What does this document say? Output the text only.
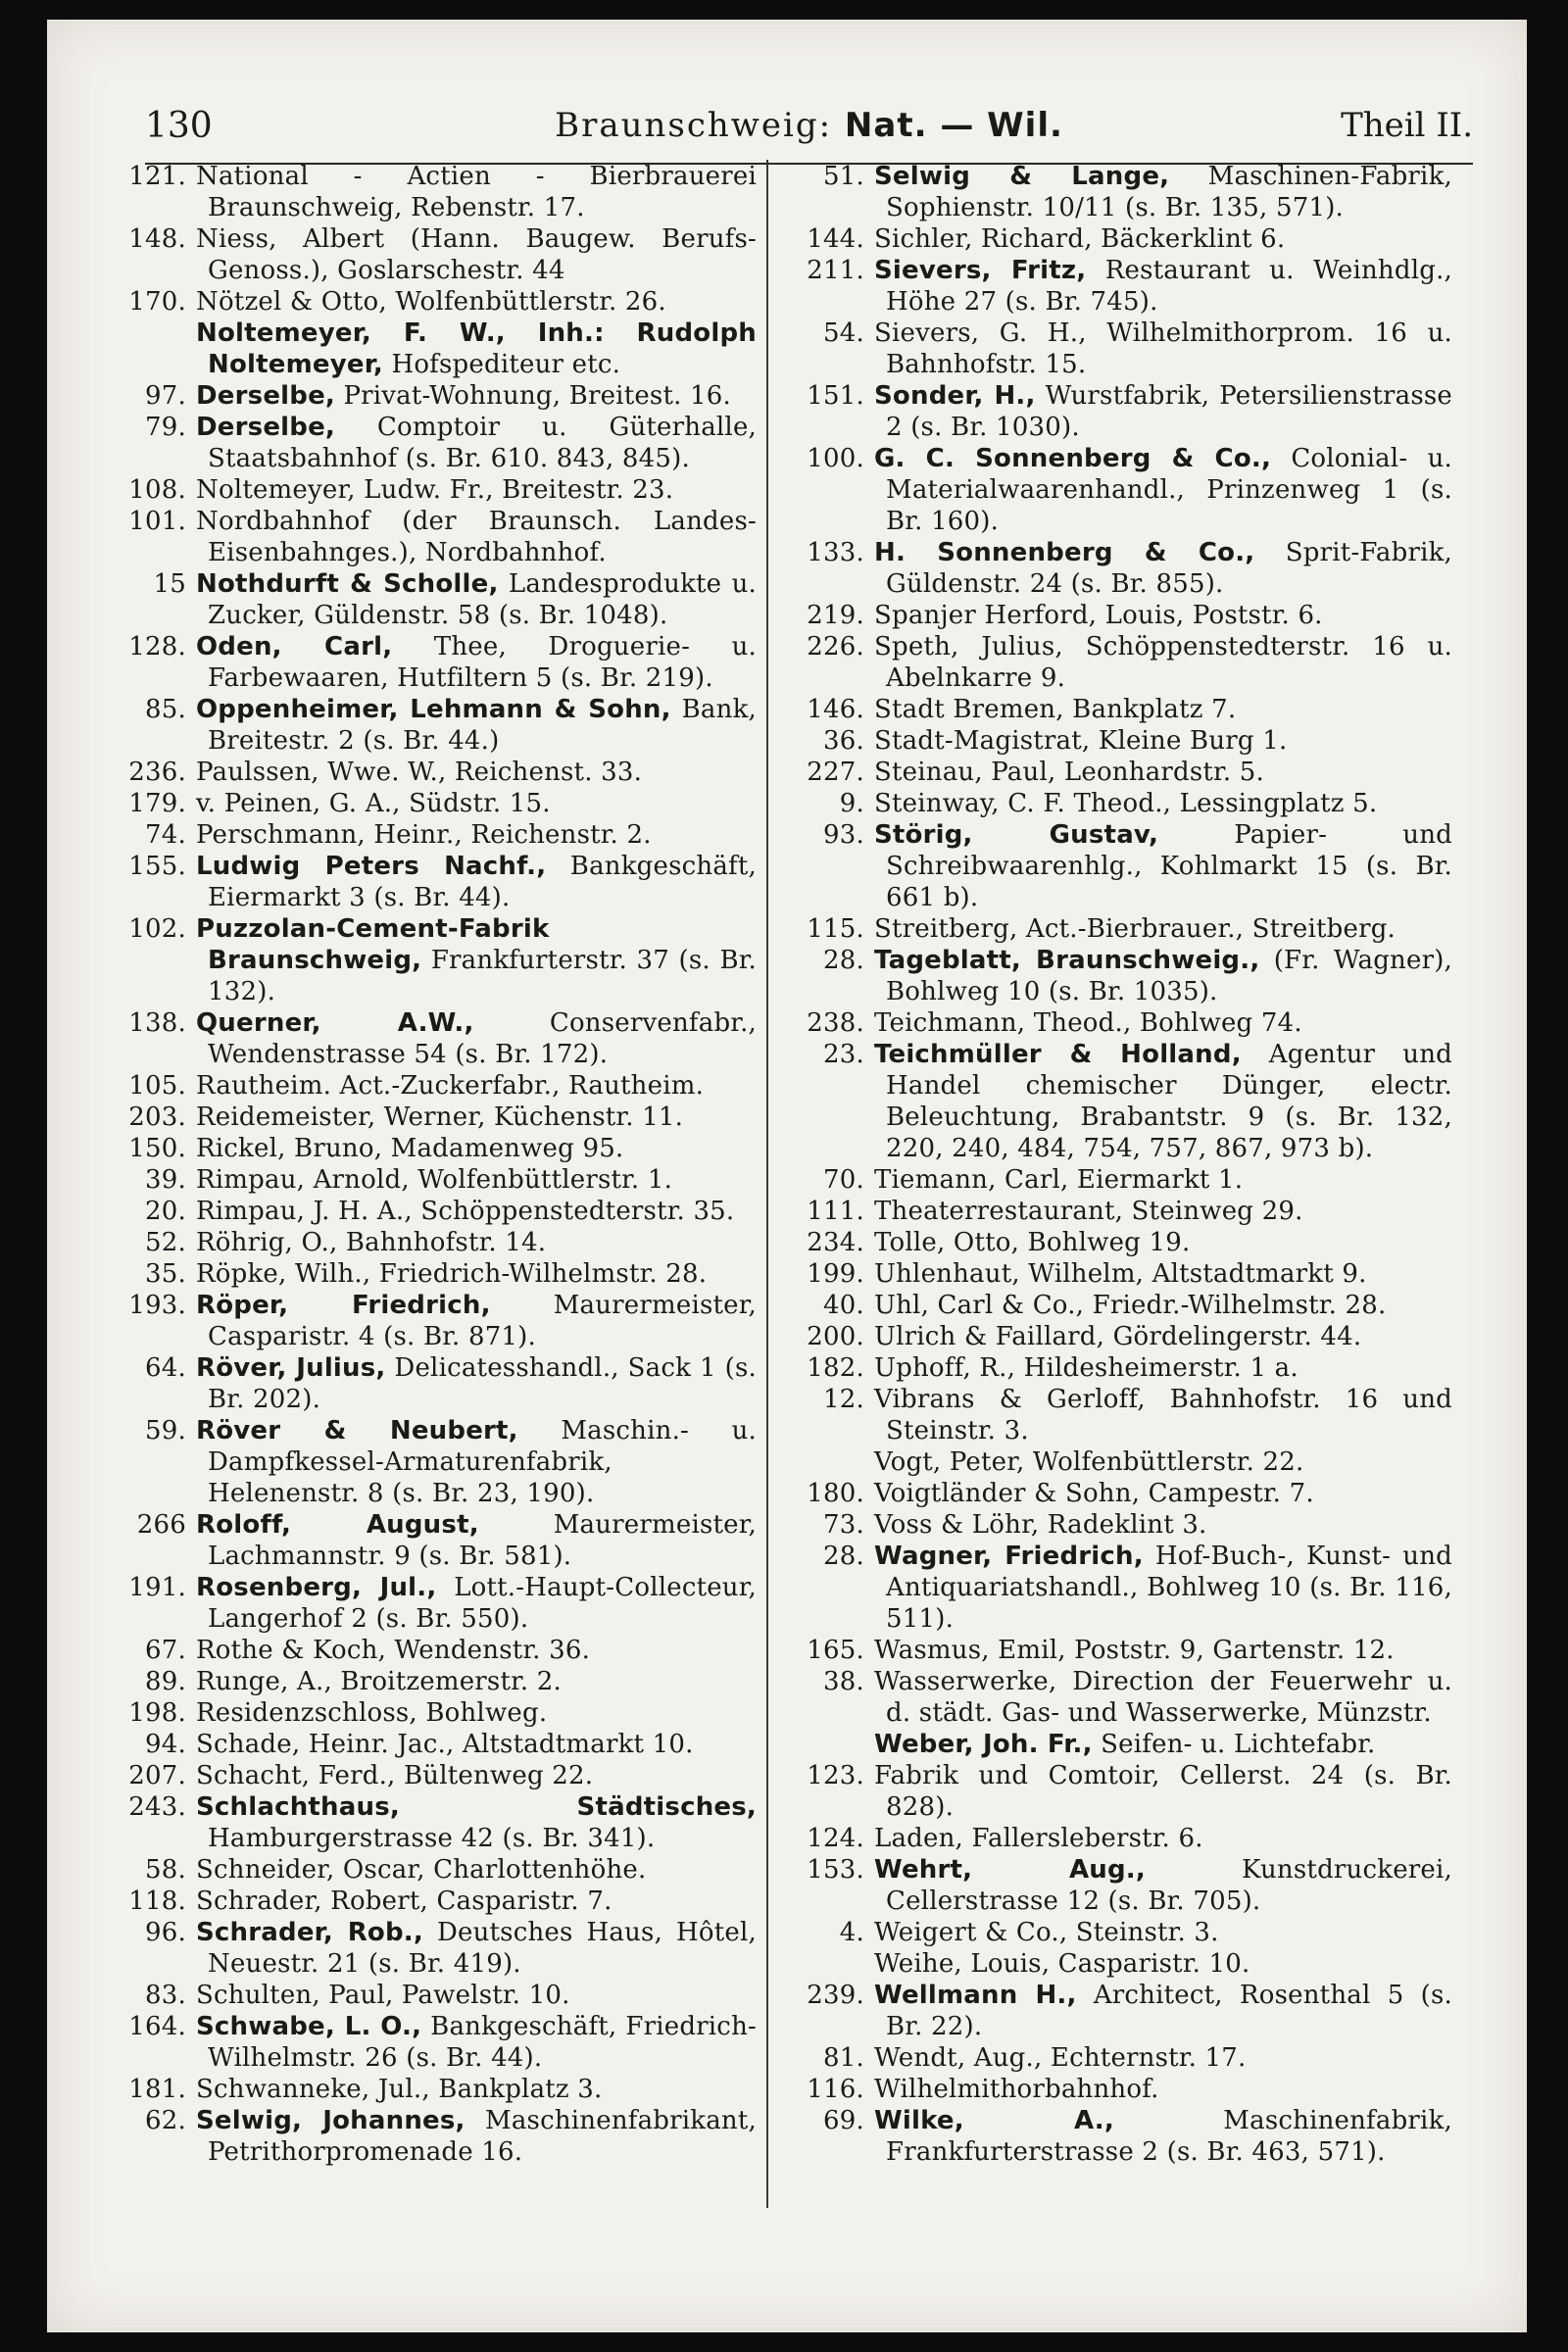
130	Braunschweig: Nat. — Wil.	Theil II.
121. National - Actien - Bierbrauerei Braunschweig, Rebenstr. 17.
148. Niess, Albert (Hann. Baugew. Berufs-Genoss.), Goslarschestr. 44
170. Nötzel & Otto, Wolfenbüttlerstr. 26.
Noltemeyer, F. W., Inh.: Rudolph Noltemeyer, Hofspediteur etc.
97. Derselbe, Privat-Wohnung, Breitest. 16.
79. Derselbe, Comptoir u. Güterhalle, Staatsbahnhof (s. Br. 610. 843, 845).
108. Noltemeyer, Ludw. Fr., Breitestr. 23.
101. Nordbahnhof (der Braunsch. Landes-Eisenbahnges.), Nordbahnhof.
15 Nothdurft & Scholle, Landesprodukte u. Zucker, Güldenstr. 58 (s. Br. 1048).
128. Oden, Carl, Thee, Droguerie- u. Farbewaaren, Hutfiltern 5 (s. Br. 219).
85. Oppenheimer, Lehmann & Sohn, Bank, Breitestr. 2 (s. Br. 44.)
236. Paulssen, Wwe. W., Reichenst. 33.
179. v. Peinen, G. A., Südstr. 15.
74. Perschmann, Heinr., Reichenstr. 2.
155. Ludwig Peters Nachf., Bankgeschäft, Eiermarkt 3 (s. Br. 44).
102. Puzzolan-Cement-Fabrik Braunschweig, Frankfurterstr. 37 (s. Br. 132).
138. Querner, A.W.,	Conservenfabr., Wendenstrasse 54 (s. Br. 172).
105. Rautheim. Act.-Zuckerfabr., Rautheim.
203. Reidemeister, Werner, Küchenstr. 11.
150. Rickel, Bruno, Madamenweg 95.
39. Rimpau, Arnold, Wolfenbüttlerstr. 1.
20. Rimpau, J. H. A., Schöppenstedterstr. 35.
52. Röhrig, O., Bahnhofstr. 14.
35. Röpke, Wilh., Friedrich-Wilhelmstr. 28.
193. Röper, Friedrich, Maurermeister, Casparistr. 4 (s. Br. 871).
64. Röver, Julius, Delicatesshandl., Sack 1 (s. Br. 202).
59. Röver & Neubert, Maschin.- u. Dampfkessel-Armaturenfabrik, Helenenstr. 8 (s. Br. 23, 190).
266 Roloff, August,	Maurermeister, Lachmannstr. 9 (s. Br. 581).
191. Rosenberg, Jul., Lott.-Haupt-Collecteur, Langerhof 2 (s. Br. 550).
67. Rothe & Koch, Wendenstr. 36.
89. Runge, A., Broitzemerstr. 2.
198. Residenzschloss, Bohlweg.
94. Schade, Heinr. Jac., Altstadtmarkt 10.
207. Schacht, Ferd., Bültenweg 22.
243. Schlachthaus, Städtisches, Hamburgerstrasse 42 (s. Br. 341).
58. Schneider, Oscar, Charlottenhöhe.
118. Schrader, Robert, Casparistr. 7.
96. Schrader, Rob., Deutsches Haus, Hôtel, Neuestr. 21 (s. Br. 419).
83. Schulten, Paul, Pawelstr. 10.
164. Schwabe, L. O., Bankgeschäft, Friedrich-Wilhelmstr. 26 (s. Br. 44).
181. Schwanneke, Jul., Bankplatz 3.
62. Selwig, Johannes, Maschinenfabrikant, Petrithorpromenade 16.
51. Selwig & Lange, Maschinen-Fabrik, Sophienstr. 10/11 (s. Br. 135, 571).
144. Sichler, Richard, Bäckerklint 6.
211. Sievers, Fritz, Restaurant u. Weinhdlg., Höhe 27 (s. Br. 745).
54. Sievers, G. H., Wilhelmithorprom. 16 u. Bahnhofstr. 15.
151. Sonder, H., Wurstfabrik, Petersilienstrasse 2 (s. Br. 1030).
100. G. C. Sonnenberg & Co., Colonial- u. Materialwaarenhandl., Prinzenweg 1 (s. Br. 160).
133. H. Sonnenberg & Co., Sprit-Fabrik, Güldenstr. 24 (s. Br. 855).
219. Spanjer Herford, Louis, Poststr. 6.
226. Speth, Julius, Schöppenstedterstr. 16 u. Abelnkarre 9.
146. Stadt Bremen, Bankplatz 7.
36. Stadt-Magistrat, Kleine Burg 1.
227. Steinau, Paul, Leonhardstr. 5.
9. Steinway, C. F. Theod., Lessingplatz 5.
93. Störig, Gustav,	Papier- und Schreibwaarenhlg., Kohlmarkt 15 (s. Br. 661 b).
115. Streitberg, Act.-Bierbrauer., Streitberg.
28. Tageblatt, Braunschweig., (Fr. Wagner), Bohlweg 10 (s. Br. 1035).
238. Teichmann, Theod., Bohlweg 74.
23. Teichmüller & Holland, Agentur und Handel chemischer Dünger, electr. Beleuchtung, Brabantstr. 9 (s. Br. 132, 220, 240, 484, 754, 757, 867, 973 b).
70. Tiemann, Carl, Eiermarkt 1.
111. Theaterrestaurant, Steinweg 29.
234. Tolle, Otto, Bohlweg 19.
199. Uhlenhaut, Wilhelm, Altstadtmarkt 9.
40. Uhl, Carl & Co., Friedr.-Wilhelmstr. 28.
200. Ulrich & Faillard, Gördelingerstr. 44.
182. Uphoff, R., Hildesheimerstr. 1 a.
12. Vibrans & Gerloff, Bahnhofstr. 16 und Steinstr. 3.
Vogt, Peter, Wolfenbüttlerstr. 22.
180. Voigtländer & Sohn, Campestr. 7.
73. Voss & Löhr, Radeklint 3.
28. Wagner, Friedrich, Hof-Buch-, Kunst- und Antiquariatshandl., Bohlweg 10 (s. Br. 116, 511).
165. Wasmus, Emil, Poststr. 9, Gartenstr. 12.
38. Wasserwerke, Direction der Feuerwehr u. d. städt. Gas- und Wasserwerke, Münzstr.
Weber, Joh. Fr., Seifen- u. Lichtefabr.
123. Fabrik und Comtoir, Cellerst. 24 (s. Br. 828).
124. Laden, Fallersleberstr. 6.
153. Wehrt, Aug.,	Kunstdruckerei, Cellerstrasse 12 (s. Br. 705).
4. Weigert & Co., Steinstr. 3.
Weihe, Louis, Casparistr. 10.
239. Wellmann H., Architect, Rosenthal 5 (s. Br. 22).
81. Wendt, Aug., Echternstr. 17.
116. Wilhelmithorbahnhof.
69. Wilke, A.,	Maschinenfabrik, Frankfurterstrasse 2 (s. Br. 463, 571).
